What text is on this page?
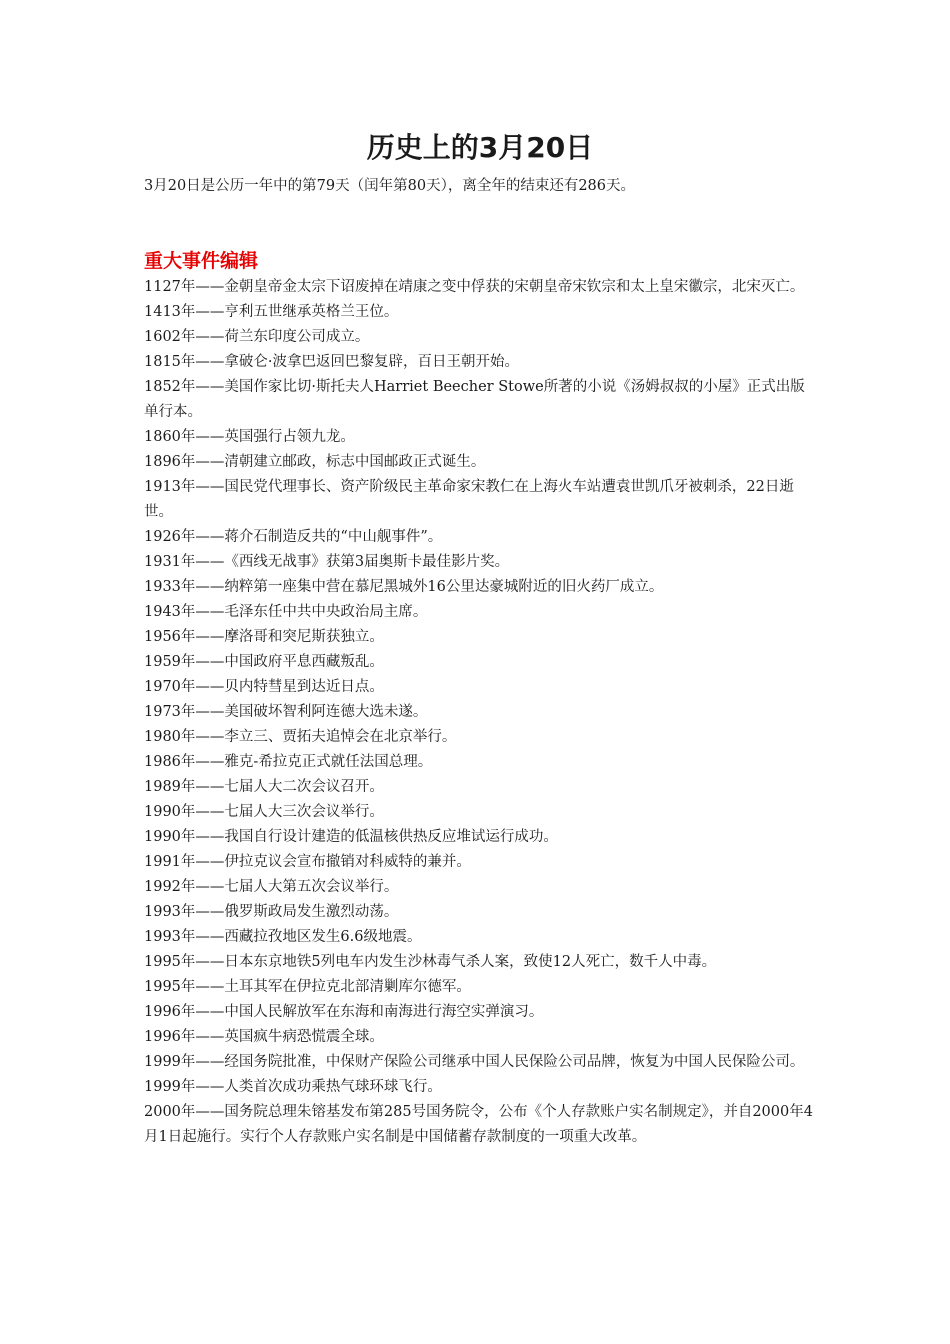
历史上的3月20日

3月20日是公历一年中的第79天（闰年第80天），离全年的结束还有286天。

重大事件编辑
1127年——金朝皇帝金太宗下诏废掉在靖康之变中俘获的宋朝皇帝宋钦宗和太上皇宋徽宗，北宋灭亡。
1413年——亨利五世继承英格兰王位。
1602年——荷兰东印度公司成立。
1815年——拿破仑·波拿巴返回巴黎复辟，百日王朝开始。
1852年——美国作家比切·斯托夫人Harriet Beecher Stowe所著的小说《汤姆叔叔的小屋》正式出版单行本。
1860年——英国强行占领九龙。
1896年——清朝建立邮政，标志中国邮政正式诞生。
1913年——国民党代理事长、资产阶级民主革命家宋教仁在上海火车站遭袁世凯爪牙被刺杀，22日逝世。
1926年——蒋介石制造反共的“中山舰事件”。
1931年——《西线无战事》获第3届奥斯卡最佳影片奖。
1933年——纳粹第一座集中营在慕尼黑城外16公里达豪城附近的旧火药厂成立。
1943年——毛泽东任中共中央政治局主席。
1956年——摩洛哥和突尼斯获独立。
1959年——中国政府平息西藏叛乱。
1970年——贝内特彗星到达近日点。
1973年——美国破坏智利阿连德大选未遂。
1980年——李立三、贾拓夫追悼会在北京举行。
1986年——雅克-希拉克正式就任法国总理。
1989年——七届人大二次会议召开。
1990年——七届人大三次会议举行。
1990年——我国自行设计建造的低温核供热反应堆试运行成功。
1991年——伊拉克议会宣布撤销对科威特的兼并。
1992年——七届人大第五次会议举行。
1993年——俄罗斯政局发生激烈动荡。
1993年——西藏拉孜地区发生6.6级地震。
1995年——日本东京地铁5列电车内发生沙林毒气杀人案，致使12人死亡，数千人中毒。
1995年——土耳其军在伊拉克北部清剿库尔德军。
1996年——中国人民解放军在东海和南海进行海空实弹演习。
1996年——英国疯牛病恐慌震全球。
1999年——经国务院批准，中保财产保险公司继承中国人民保险公司品牌，恢复为中国人民保险公司。
1999年——人类首次成功乘热气球环球飞行。
2000年——国务院总理朱镕基发布第285号国务院令，公布《个人存款账户实名制规定》，并自2000年4月1日起施行。实行个人存款账户实名制是中国储蓄存款制度的一项重大改革。
